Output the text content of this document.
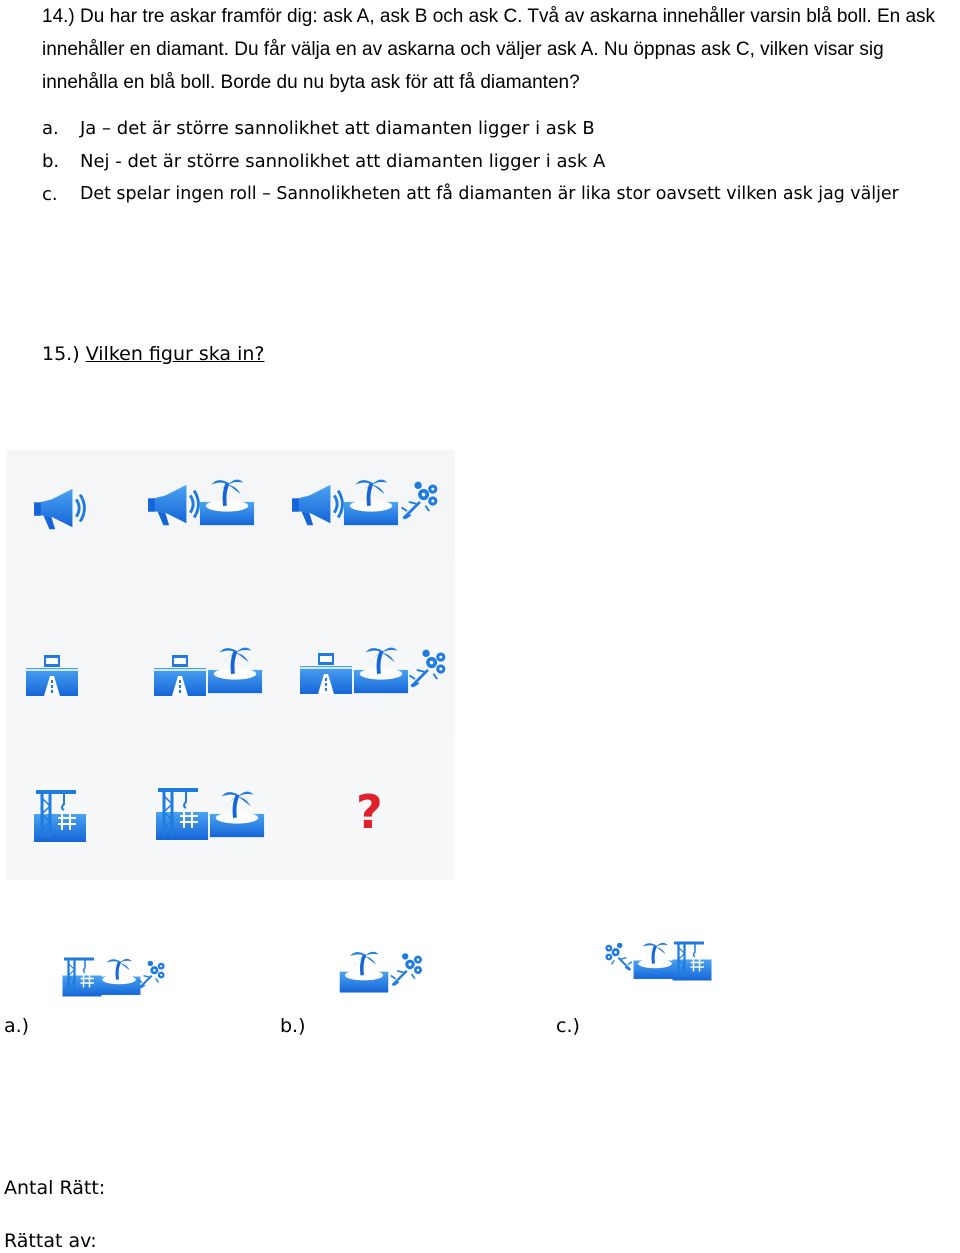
14.) Du har tre askar framför dig: ask A, ask B och ask C. Två av askarna innehåller varsin blå boll. En ask innehåller en diamant. Du får välja en av askarna och väljer ask A. Nu öppnas ask C, vilken visar sig innehålla en blå boll. Borde du nu byta ask för att få diamanten?

a. Ja – det är större sannolikhet att diamanten ligger i ask B
b. Nej - det är större sannolikhet att diamanten ligger i ask A
c. Det spelar ingen roll – Sannolikheten att få diamanten är lika stor oavsett vilken ask jag väljer
15.) Vilken figur ska in?
?
a.)	b.)	c.)
Antal Rätt:
Rättat av:
